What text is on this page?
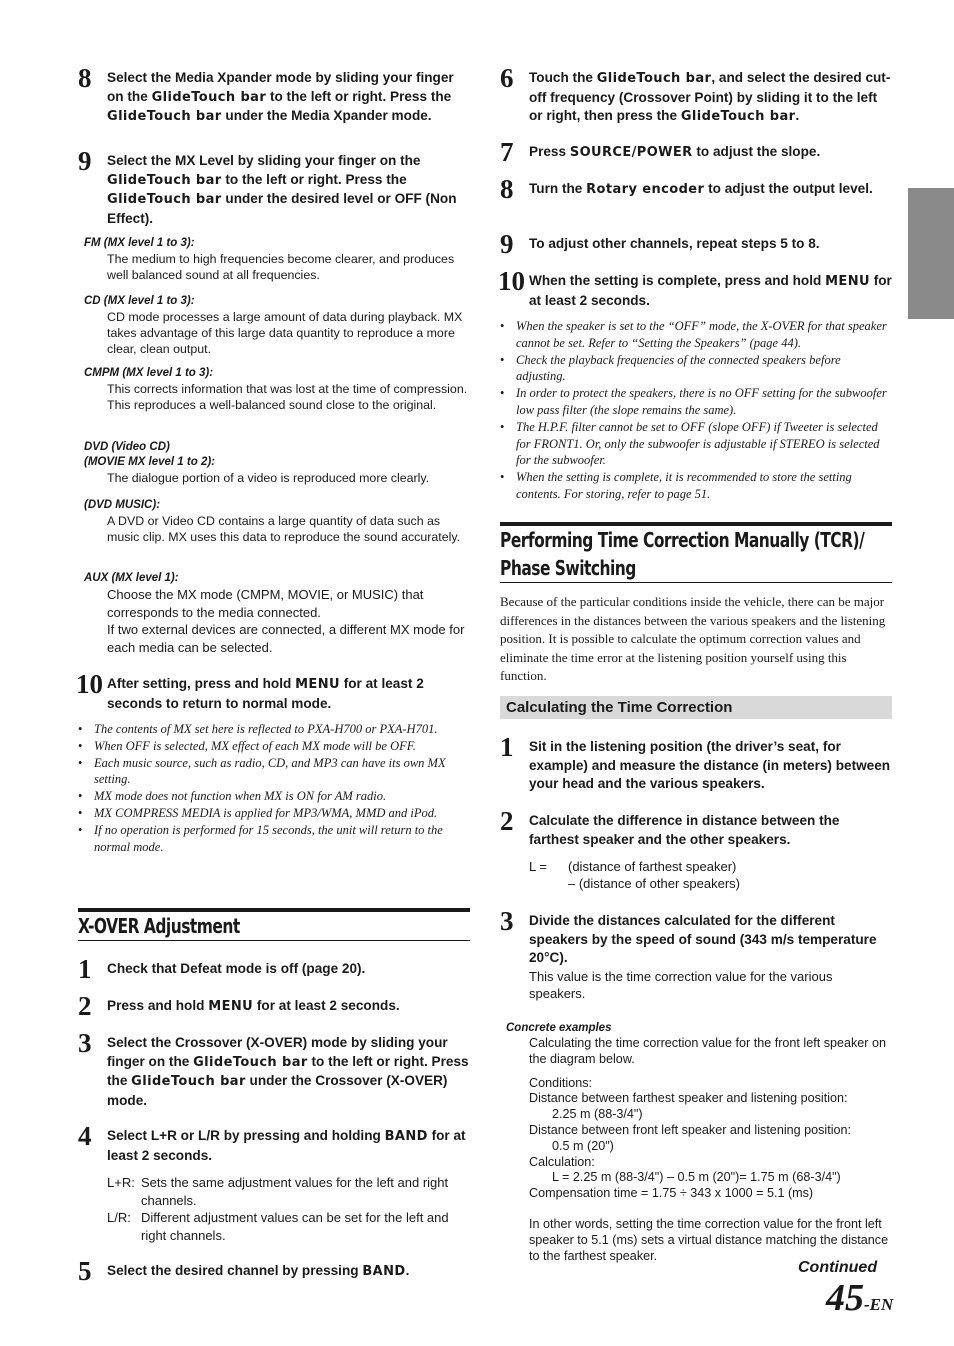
8 Select the Media Xpander mode by sliding your finger on the GlideTouch bar to the left or right. Press the GlideTouch bar under the Media Xpander mode.
9 Select the MX Level by sliding your finger on the GlideTouch bar to the left or right. Press the GlideTouch bar under the desired level or OFF (Non Effect).
FM (MX level 1 to 3):
The medium to high frequencies become clearer, and produces well balanced sound at all frequencies.
CD (MX level 1 to 3):
CD mode processes a large amount of data during playback. MX takes advantage of this large data quantity to reproduce a more clear, clean output.
CMPM (MX level 1 to 3):
This corrects information that was lost at the time of compression. This reproduces a well-balanced sound close to the original.
DVD (Video CD)
(MOVIE MX level 1 to 2):
The dialogue portion of a video is reproduced more clearly.
(DVD MUSIC):
A DVD or Video CD contains a large quantity of data such as music clip. MX uses this data to reproduce the sound accurately.
AUX (MX level 1):
Choose the MX mode (CMPM, MOVIE, or MUSIC) that corresponds to the media connected.
If two external devices are connected, a different MX mode for each media can be selected.
10 After setting, press and hold MENU for at least 2 seconds to return to normal mode.
• The contents of MX set here is reflected to PXA-H700 or PXA-H701.
• When OFF is selected, MX effect of each MX mode will be OFF.
• Each music source, such as radio, CD, and MP3 can have its own MX setting.
• MX mode does not function when MX is ON for AM radio.
• MX COMPRESS MEDIA is applied for MP3/WMA, MMD and iPod.
• If no operation is performed for 15 seconds, the unit will return to the normal mode.
X-OVER Adjustment
1 Check that Defeat mode is off (page 20).
2 Press and hold MENU for at least 2 seconds.
3 Select the Crossover (X-OVER) mode by sliding your finger on the GlideTouch bar to the left or right. Press the GlideTouch bar under the Crossover (X-OVER) mode.
4 Select L+R or L/R by pressing and holding BAND for at least 2 seconds.
L+R: Sets the same adjustment values for the left and right channels.
L/R: Different adjustment values can be set for the left and right channels.
5 Select the desired channel by pressing BAND.
6 Touch the GlideTouch bar, and select the desired cut-off frequency (Crossover Point) by sliding it to the left or right, then press the GlideTouch bar.
7 Press SOURCE/POWER to adjust the slope.
8 Turn the Rotary encoder to adjust the output level.
9 To adjust other channels, repeat steps 5 to 8.
10 When the setting is complete, press and hold MENU for at least 2 seconds.
• When the speaker is set to the “OFF” mode, the X-OVER for that speaker cannot be set. Refer to “Setting the Speakers” (page 44).
• Check the playback frequencies of the connected speakers before adjusting.
• In order to protect the speakers, there is no OFF setting for the subwoofer low pass filter (the slope remains the same).
• The H.P.F. filter cannot be set to OFF (slope OFF) if Tweeter is selected for FRONT1. Or, only the subwoofer is adjustable if STEREO is selected for the subwoofer.
• When the setting is complete, it is recommended to store the setting contents. For storing, refer to page 51.
Performing Time Correction Manually (TCR)/
Phase Switching
Because of the particular conditions inside the vehicle, there can be major differences in the distances between the various speakers and the listening position. It is possible to calculate the optimum correction values and eliminate the time error at the listening position yourself using this function.
Calculating the Time Correction
1 Sit in the listening position (the driver’s seat, for example) and measure the distance (in meters) between your head and the various speakers.
2 Calculate the difference in distance between the farthest speaker and the other speakers.
L = (distance of farthest speaker)
– (distance of other speakers)
3 Divide the distances calculated for the different speakers by the speed of sound (343 m/s temperature 20°C).
This value is the time correction value for the various speakers.
Concrete examples
Calculating the time correction value for the front left speaker on the diagram below.
Conditions:
Distance between farthest speaker and listening position:
2.25 m (88-3/4")
Distance between front left speaker and listening position:
0.5 m (20")
Calculation:
L = 2.25 m (88-3/4") – 0.5 m (20")= 1.75 m (68-3/4")
Compensation time = 1.75 ÷ 343 x 1000 = 5.1 (ms)
In other words, setting the time correction value for the front left speaker to 5.1 (ms) sets a virtual distance matching the distance to the farthest speaker.
Continued
45-EN
